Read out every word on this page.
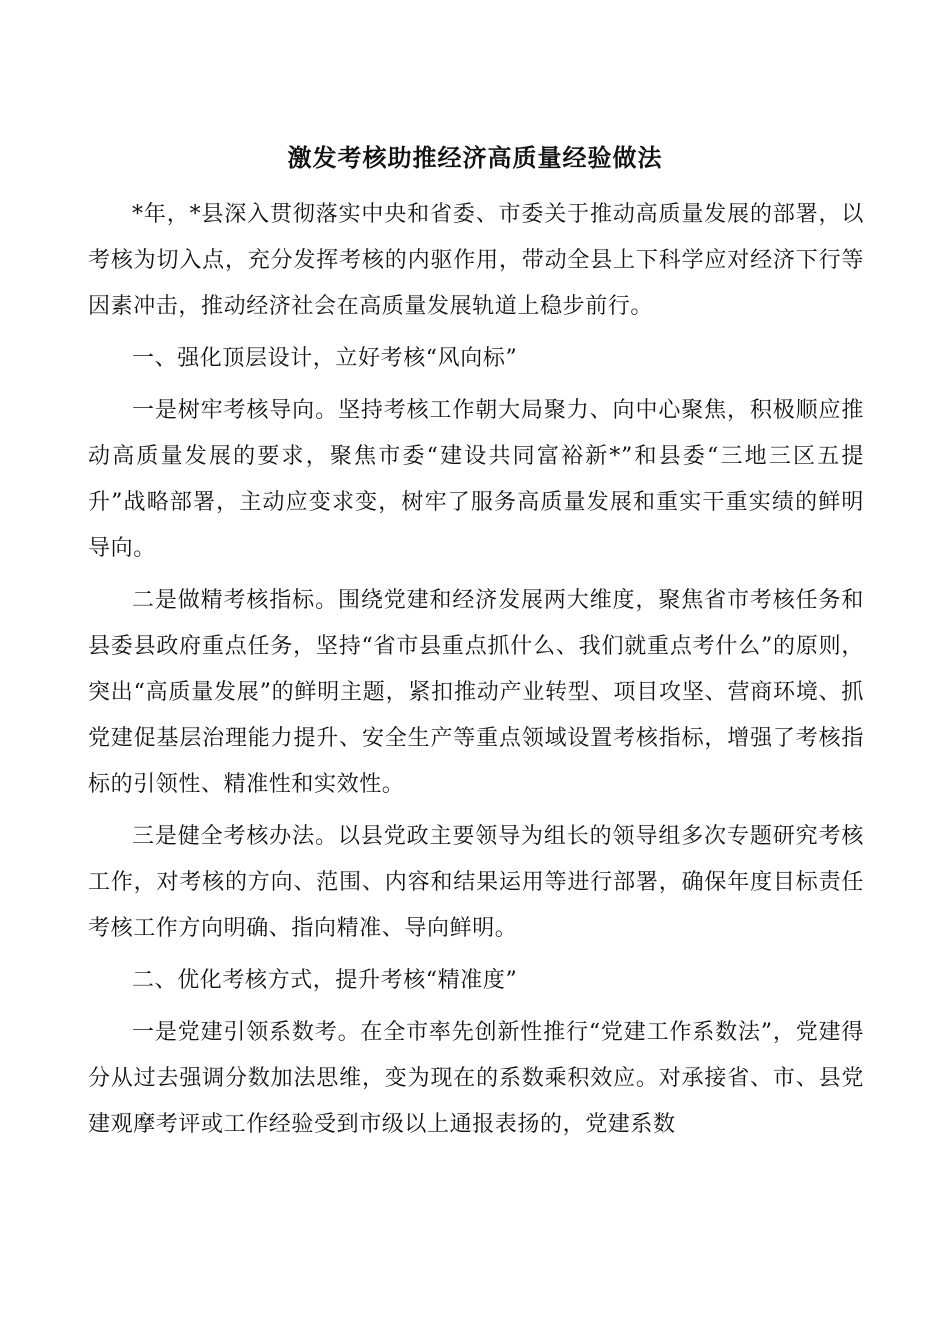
激发考核助推经济高质量经验做法

*年，*县深入贯彻落实中央和省委、市委关于推动高质量发展的部署，以考核为切入点，充分发挥考核的内驱作用，带动全县上下科学应对经济下行等因素冲击，推动经济社会在高质量发展轨道上稳步前行。

一、强化顶层设计，立好考核“风向标”

一是树牢考核导向。坚持考核工作朝大局聚力、向中心聚焦，积极顺应推动高质量发展的要求，聚焦市委“建设共同富裕新*”和县委“三地三区五提升”战略部署，主动应变求变，树牢了服务高质量发展和重实干重实绩的鲜明导向。

二是做精考核指标。围绕党建和经济发展两大维度，聚焦省市考核任务和县委县政府重点任务，坚持“省市县重点抓什么、我们就重点考什么”的原则，突出“高质量发展”的鲜明主题，紧扣推动产业转型、项目攻坚、营商环境、抓党建促基层治理能力提升、安全生产等重点领域设置考核指标，增强了考核指标的引领性、精准性和实效性。

三是健全考核办法。以县党政主要领导为组长的领导组多次专题研究考核工作，对考核的方向、范围、内容和结果运用等进行部署，确保年度目标责任考核工作方向明确、指向精准、导向鲜明。

二、优化考核方式，提升考核“精准度”

一是党建引领系数考。在全市率先创新性推行“党建工作系数法”，党建得分从过去强调分数加法思维，变为现在的系数乘积效应。对承接省、市、县党建观摩考评或工作经验受到市级以上通报表扬的，党建系数
